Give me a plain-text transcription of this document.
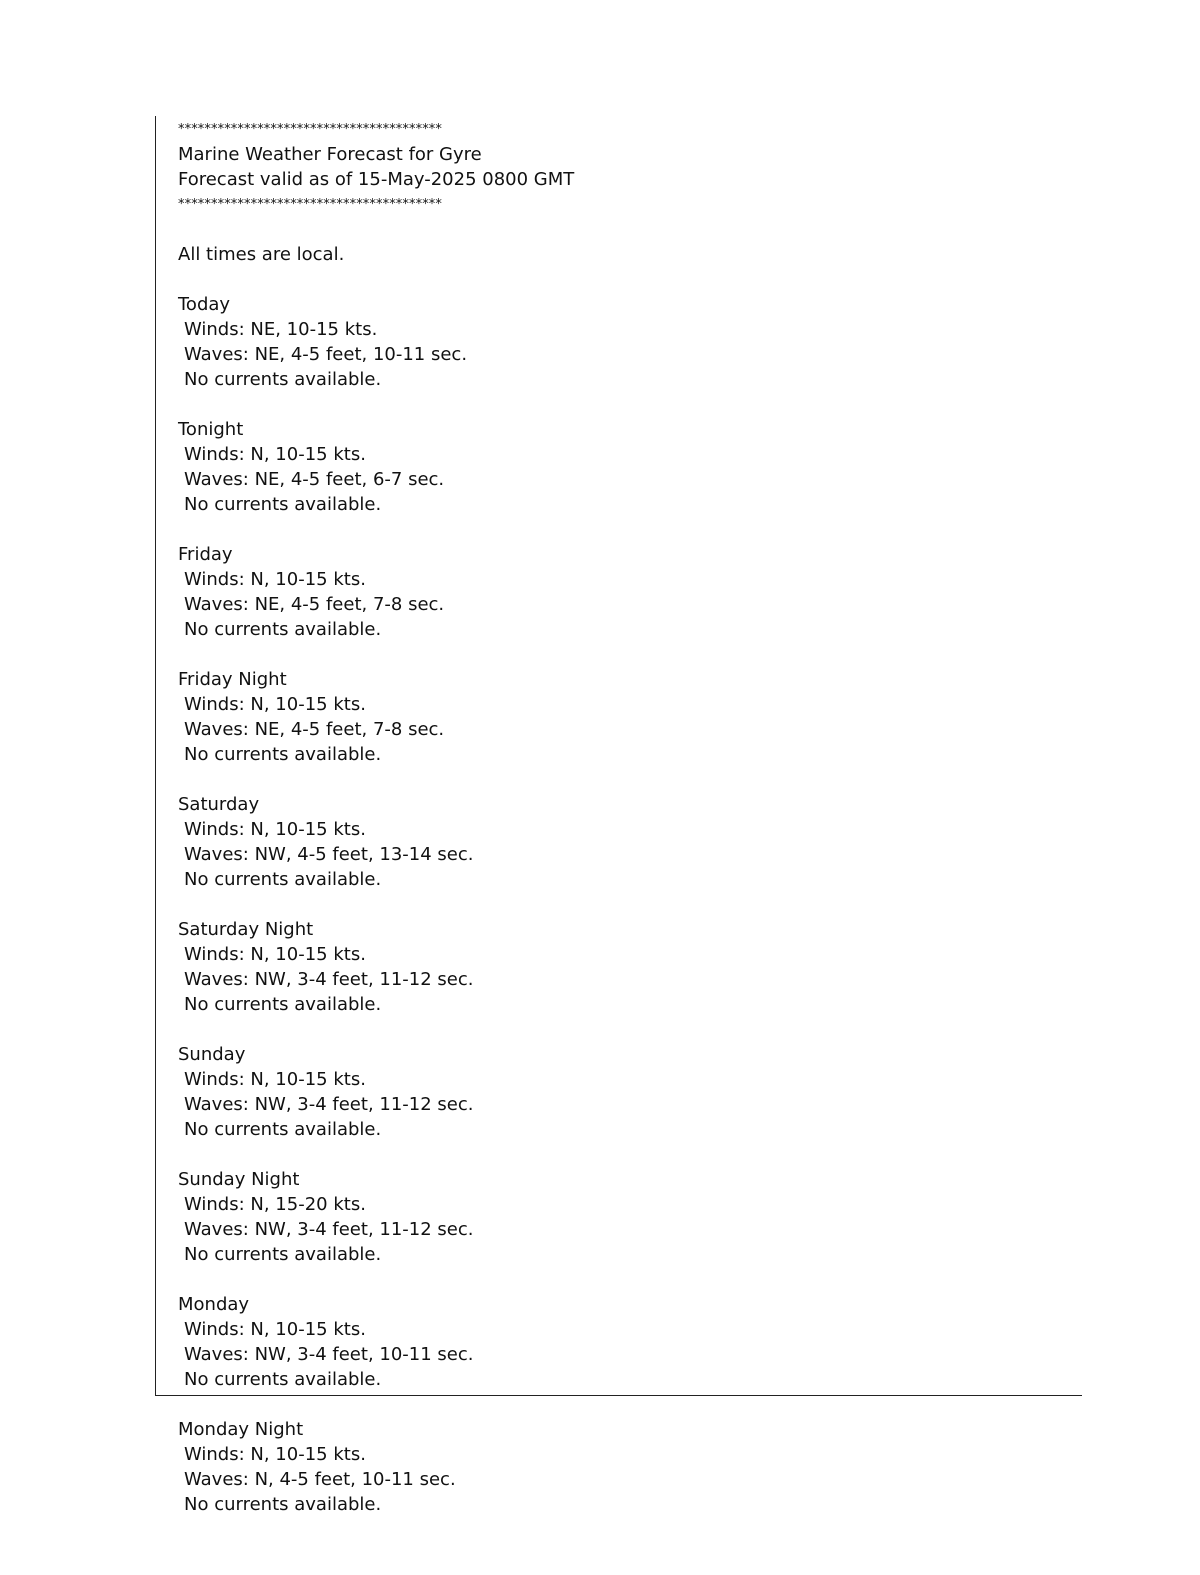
****************************************
Marine Weather Forecast for Gyre
Forecast valid as of 15-May-2025 0800 GMT
****************************************
All times are local.
Today
Winds: NE, 10-15 kts.
Waves: NE, 4-5 feet, 10-11 sec.
No currents available.
Tonight
Winds: N, 10-15 kts.
Waves: NE, 4-5 feet, 6-7 sec.
No currents available.
Friday
Winds: N, 10-15 kts.
Waves: NE, 4-5 feet, 7-8 sec.
No currents available.
Friday Night
Winds: N, 10-15 kts.
Waves: NE, 4-5 feet, 7-8 sec.
No currents available.
Saturday
Winds: N, 10-15 kts.
Waves: NW, 4-5 feet, 13-14 sec.
No currents available.
Saturday Night
Winds: N, 10-15 kts.
Waves: NW, 3-4 feet, 11-12 sec.
No currents available.
Sunday
Winds: N, 10-15 kts.
Waves: NW, 3-4 feet, 11-12 sec.
No currents available.
Sunday Night
Winds: N, 15-20 kts.
Waves: NW, 3-4 feet, 11-12 sec.
No currents available.
Monday
Winds: N, 10-15 kts.
Waves: NW, 3-4 feet, 10-11 sec.
No currents available.
Monday Night
Winds: N, 10-15 kts.
Waves: N, 4-5 feet, 10-11 sec.
No currents available.
